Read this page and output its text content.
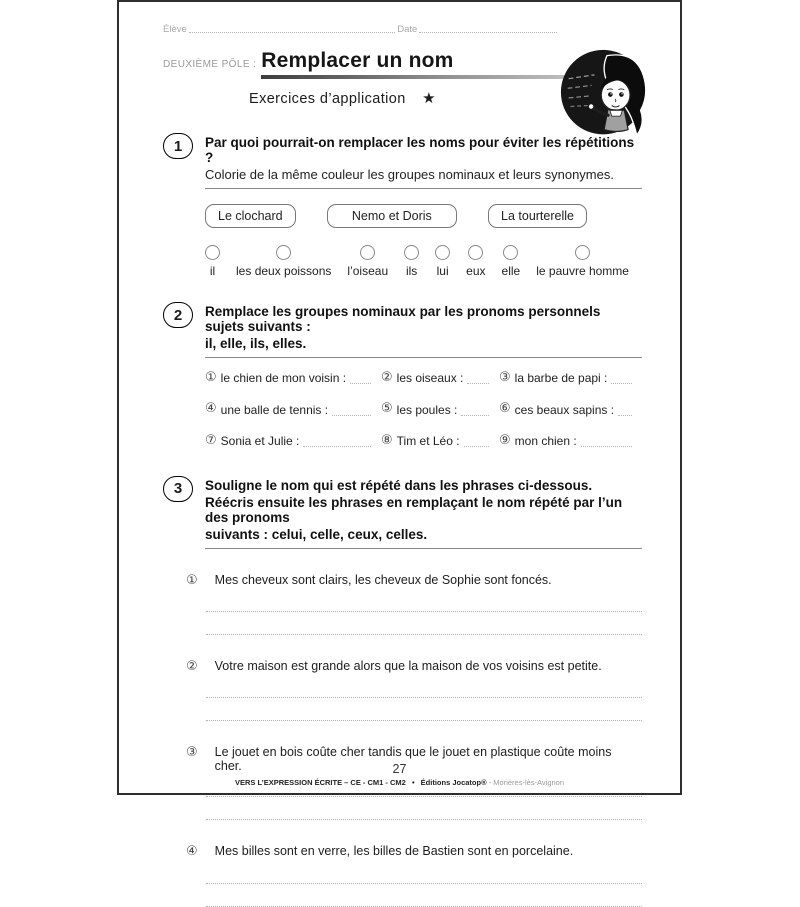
Élève	Date
DEUXIÈME PÔLE : Remplacer un nom
Exercices d’application ★
1	Par quoi pourrait-on remplacer les noms pour éviter les répétitions ?

Colorie de la même couleur les groupes nominaux et leurs synonymes.

Le clochard	Nemo et Doris	La tourterelle
il les deux poissons l’oiseau ils lui eux elle le pauvre homme
2	Remplace les groupes nominaux par les pronoms personnels sujets suivants :

il, elle, ils, elles.

① le chien de mon voisin :	② les oiseaux :	③ la barbe de papi :
④ une balle de tennis :	⑤ les poules :	⑥ ces beaux sapins :
⑦ Sonia et Julie :	⑧ Tim et Léo :	⑨ mon chien :
3	Souligne le nom qui est répété dans les phrases ci-dessous.

Réécris ensuite les phrases en remplaçant le nom répété par l’un des pronoms

suivants : celui, celle, ceux, celles.

① Mes cheveux sont clairs, les cheveux de Sophie sont foncés.
② Votre maison est grande alors que la maison de vos voisins est petite.
③ Le jouet en bois coûte cher tandis que le jouet en plastique coûte moins cher.
④ Mes billes sont en verre, les billes de Bastien sont en porcelaine.
27
VERS L’EXPRESSION ÉCRITE – CE - CM1 - CM2 • Éditions Jocatop® - Morières-lès-Avignon
